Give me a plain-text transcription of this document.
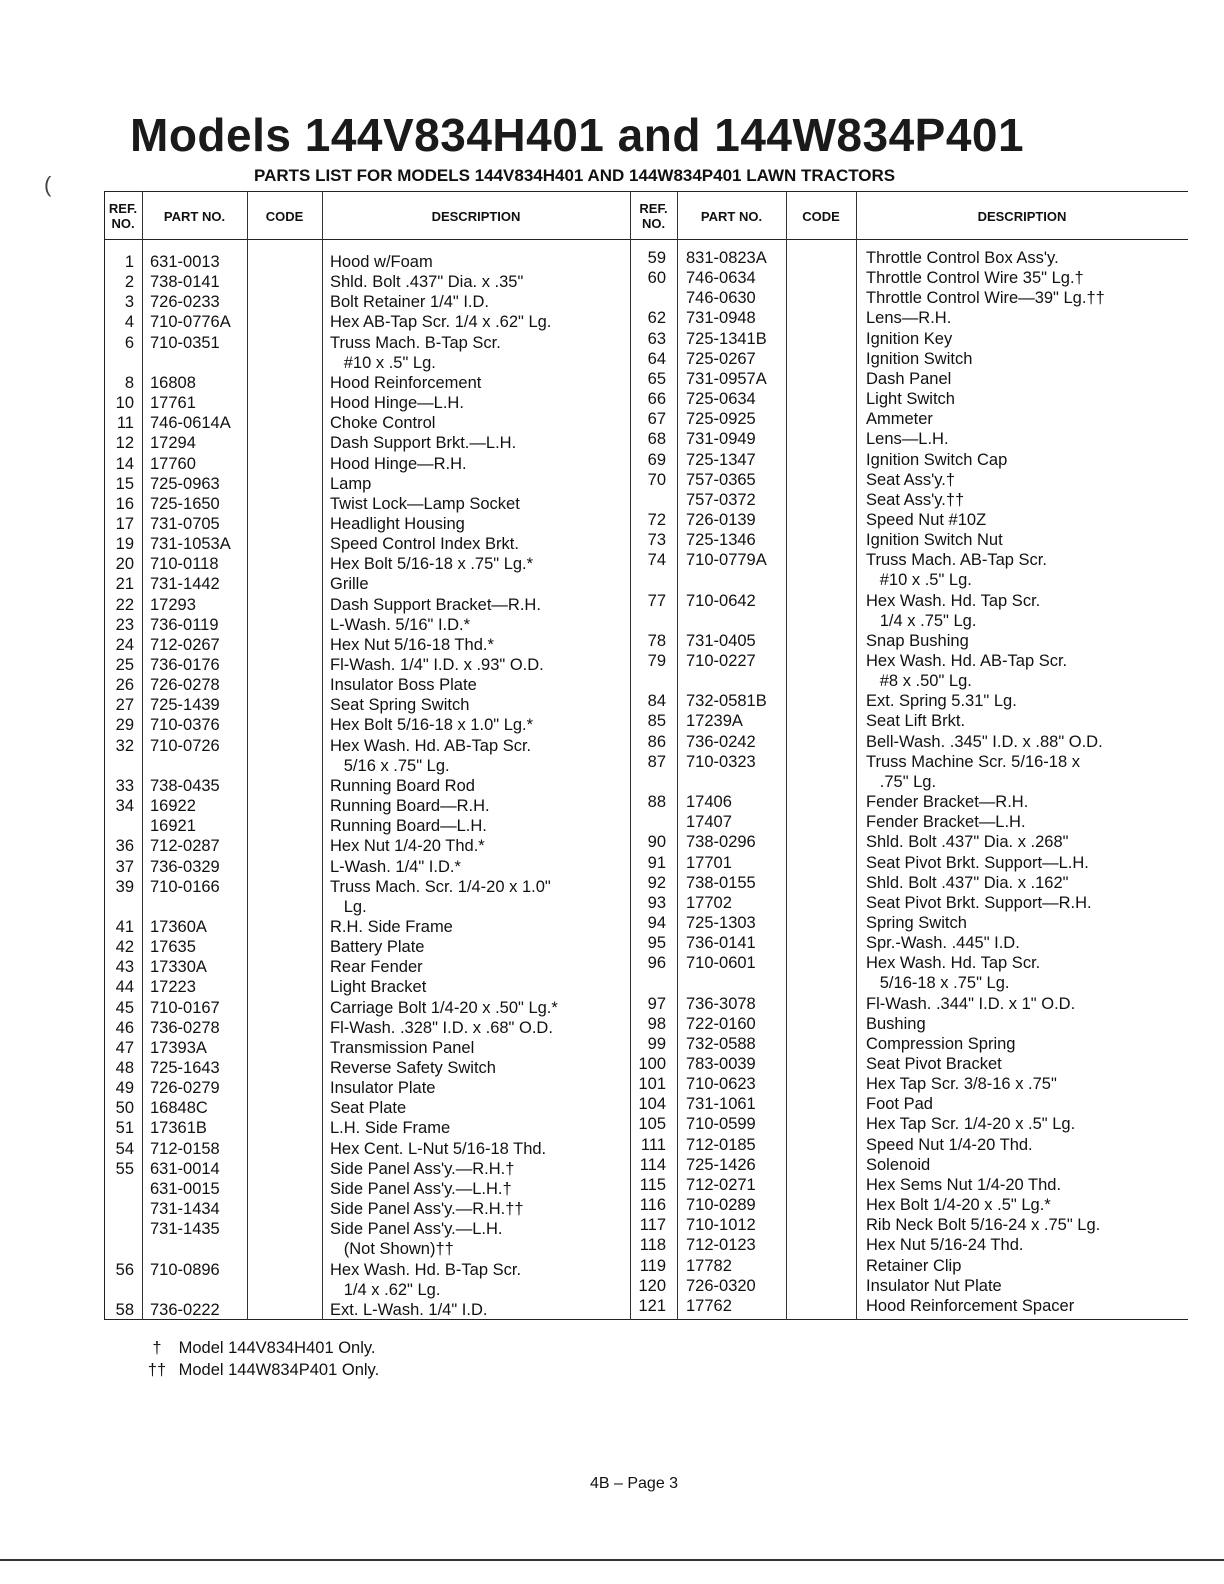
Models 144V834H401 and 144W834P401
PARTS LIST FOR MODELS 144V834H401 AND 144W834P401 LAWN TRACTORS
REF. NO.	PART NO.	CODE	DESCRIPTION	REF. NO.	PART NO.	CODE	DESCRIPTION
1 631-0013	Hood w/Foam
2 738-0141	Shld. Bolt .437" Dia. x .35"
3 726-0233	Bolt Retainer 1/4" I.D.
4 710-0776A	Hex AB-Tap Scr. 1/4 x .62" Lg.
6 710-0351	Truss Mach. B-Tap Scr.
#10 x .5" Lg.
8 16808	Hood Reinforcement
10 17761	Hood Hinge—L.H.
11 746-0614A	Choke Control
12 17294	Dash Support Brkt.—L.H.
14 17760	Hood Hinge—R.H.
15 725-0963	Lamp
16 725-1650	Twist Lock—Lamp Socket
17 731-0705	Headlight Housing
19 731-1053A	Speed Control Index Brkt.
20 710-0118	Hex Bolt 5/16-18 x .75" Lg.*
21 731-1442	Grille
22 17293	Dash Support Bracket—R.H.
23 736-0119	L-Wash. 5/16" I.D.*
24 712-0267	Hex Nut 5/16-18 Thd.*
25 736-0176	Fl-Wash. 1/4" I.D. x .93" O.D.
26 726-0278	Insulator Boss Plate
27 725-1439	Seat Spring Switch
29 710-0376	Hex Bolt 5/16-18 x 1.0" Lg.*
32 710-0726	Hex Wash. Hd. AB-Tap Scr.
5/16 x .75" Lg.
33 738-0435	Running Board Rod
34 16922	Running Board—R.H.
16921	Running Board—L.H.
36 712-0287	Hex Nut 1/4-20 Thd.*
37 736-0329	L-Wash. 1/4" I.D.*
39 710-0166	Truss Mach. Scr. 1/4-20 x 1.0"
Lg.
41 17360A	R.H. Side Frame
42 17635	Battery Plate
43 17330A	Rear Fender
44 17223	Light Bracket
45 710-0167	Carriage Bolt 1/4-20 x .50" Lg.*
46 736-0278	Fl-Wash. .328" I.D. x .68" O.D.
47 17393A	Transmission Panel
48 725-1643	Reverse Safety Switch
49 726-0279	Insulator Plate
50 16848C	Seat Plate
51 17361B	L.H. Side Frame
54 712-0158	Hex Cent. L-Nut 5/16-18 Thd.
55 631-0014	Side Panel Ass'y.—R.H.†
631-0015	Side Panel Ass'y.—L.H.†
731-1434	Side Panel Ass'y.—R.H.††
731-1435	Side Panel Ass'y.—L.H.
(Not Shown)††
56 710-0896	Hex Wash. Hd. B-Tap Scr.
1/4 x .62" Lg.
58 736-0222	Ext. L-Wash. 1/4" I.D.
59 831-0823A	Throttle Control Box Ass'y.
60 746-0634	Throttle Control Wire 35" Lg.†
746-0630	Throttle Control Wire—39" Lg.††
62 731-0948	Lens—R.H.
63 725-1341B	Ignition Key
64 725-0267	Ignition Switch
65 731-0957A	Dash Panel
66 725-0634	Light Switch
67 725-0925	Ammeter
68 731-0949	Lens—L.H.
69 725-1347	Ignition Switch Cap
70 757-0365	Seat Ass'y.†
757-0372	Seat Ass'y.††
72 726-0139	Speed Nut #10Z
73 725-1346	Ignition Switch Nut
74 710-0779A	Truss Mach. AB-Tap Scr.
#10 x .5" Lg.
77 710-0642	Hex Wash. Hd. Tap Scr.
1/4 x .75" Lg.
78 731-0405	Snap Bushing
79 710-0227	Hex Wash. Hd. AB-Tap Scr.
#8 x .50" Lg.
84 732-0581B	Ext. Spring 5.31" Lg.
85 17239A	Seat Lift Brkt.
86 736-0242	Bell-Wash. .345" I.D. x .88" O.D.
87 710-0323	Truss Machine Scr. 5/16-18 x
.75" Lg.
88 17406	Fender Bracket—R.H.
17407	Fender Bracket—L.H.
90 738-0296	Shld. Bolt .437" Dia. x .268"
91 17701	Seat Pivot Brkt. Support—L.H.
92 738-0155	Shld. Bolt .437" Dia. x .162"
93 17702	Seat Pivot Brkt. Support—R.H.
94 725-1303	Spring Switch
95 736-0141	Spr.-Wash. .445" I.D.
96 710-0601	Hex Wash. Hd. Tap Scr.
5/16-18 x .75" Lg.
97 736-3078	Fl-Wash. .344" I.D. x 1" O.D.
98 722-0160	Bushing
99 732-0588	Compression Spring
100 783-0039	Seat Pivot Bracket
101 710-0623	Hex Tap Scr. 3/8-16 x .75"
104 731-1061	Foot Pad
105 710-0599	Hex Tap Scr. 1/4-20 x .5" Lg.
111 712-0185	Speed Nut 1/4-20 Thd.
114 725-1426	Solenoid
115 712-0271	Hex Sems Nut 1/4-20 Thd.
116 710-0289	Hex Bolt 1/4-20 x .5" Lg.*
117 710-1012	Rib Neck Bolt 5/16-24 x .75" Lg.
118 712-0123	Hex Nut 5/16-24 Thd.
119 17782	Retainer Clip
120 726-0320	Insulator Nut Plate
121 17762	Hood Reinforcement Spacer
† Model 144V834H401 Only.
†† Model 144W834P401 Only.
4B – Page 3
(
